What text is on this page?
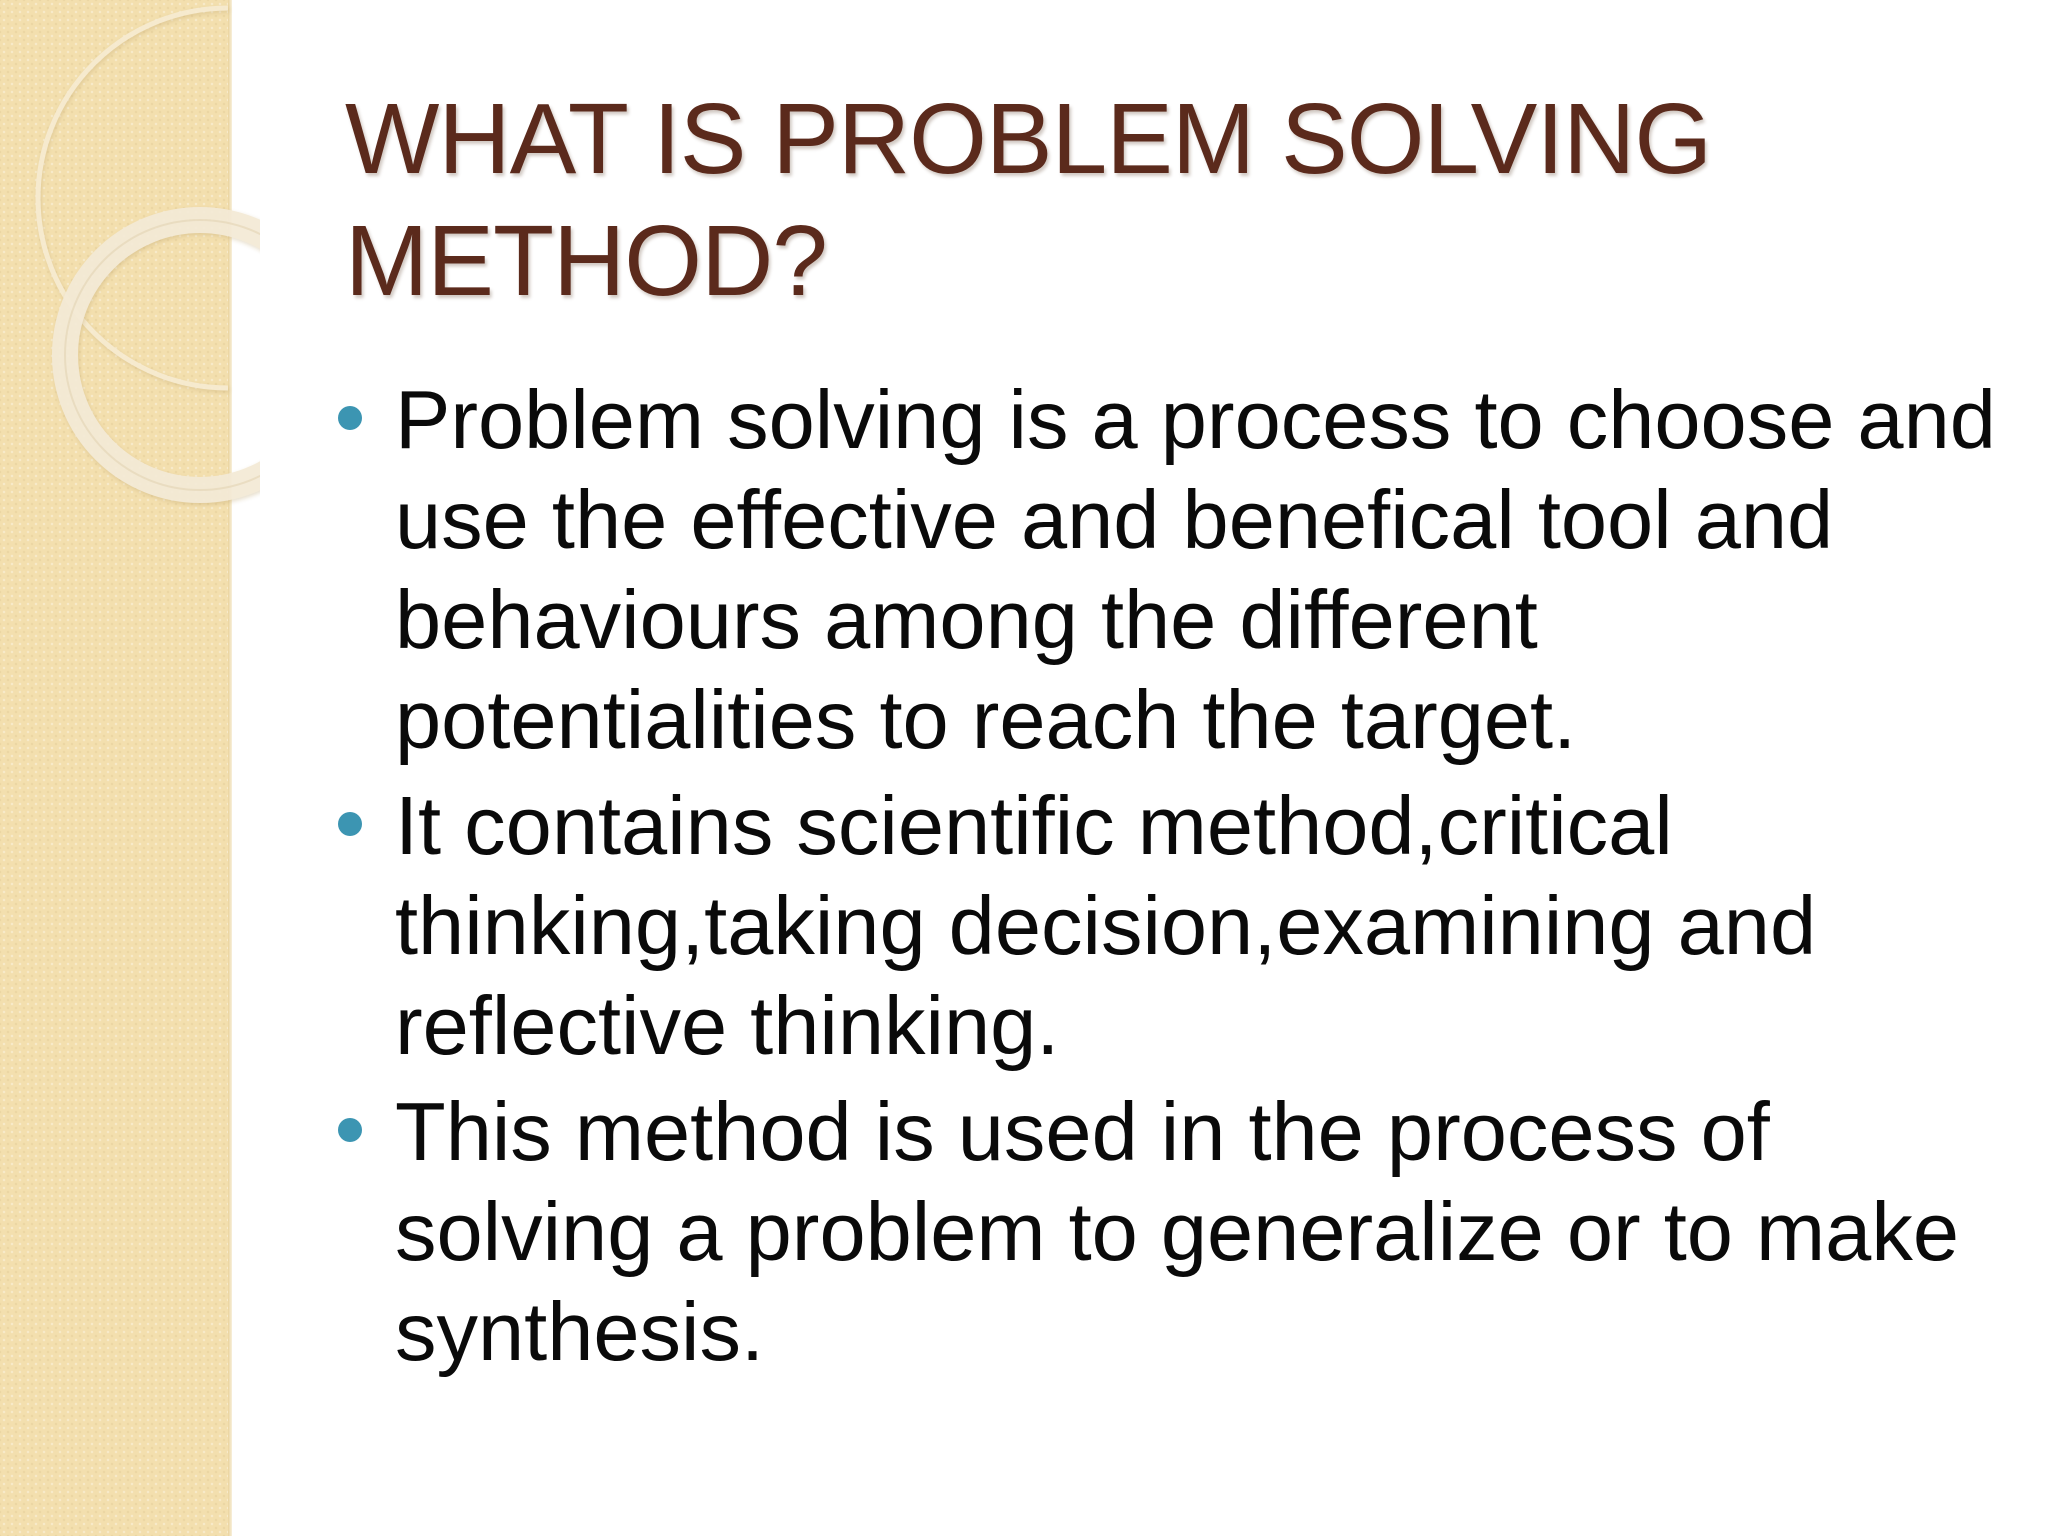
WHAT IS PROBLEM SOLVING METHOD?
Problem solving is a process to choose and use the effective and benefical tool and behaviours among the different potentialities to reach the target.
It contains scientific method,critical thinking,taking decision,examining and reflective thinking.
This method is used in the process of solving a problem to generalize or to make synthesis.
